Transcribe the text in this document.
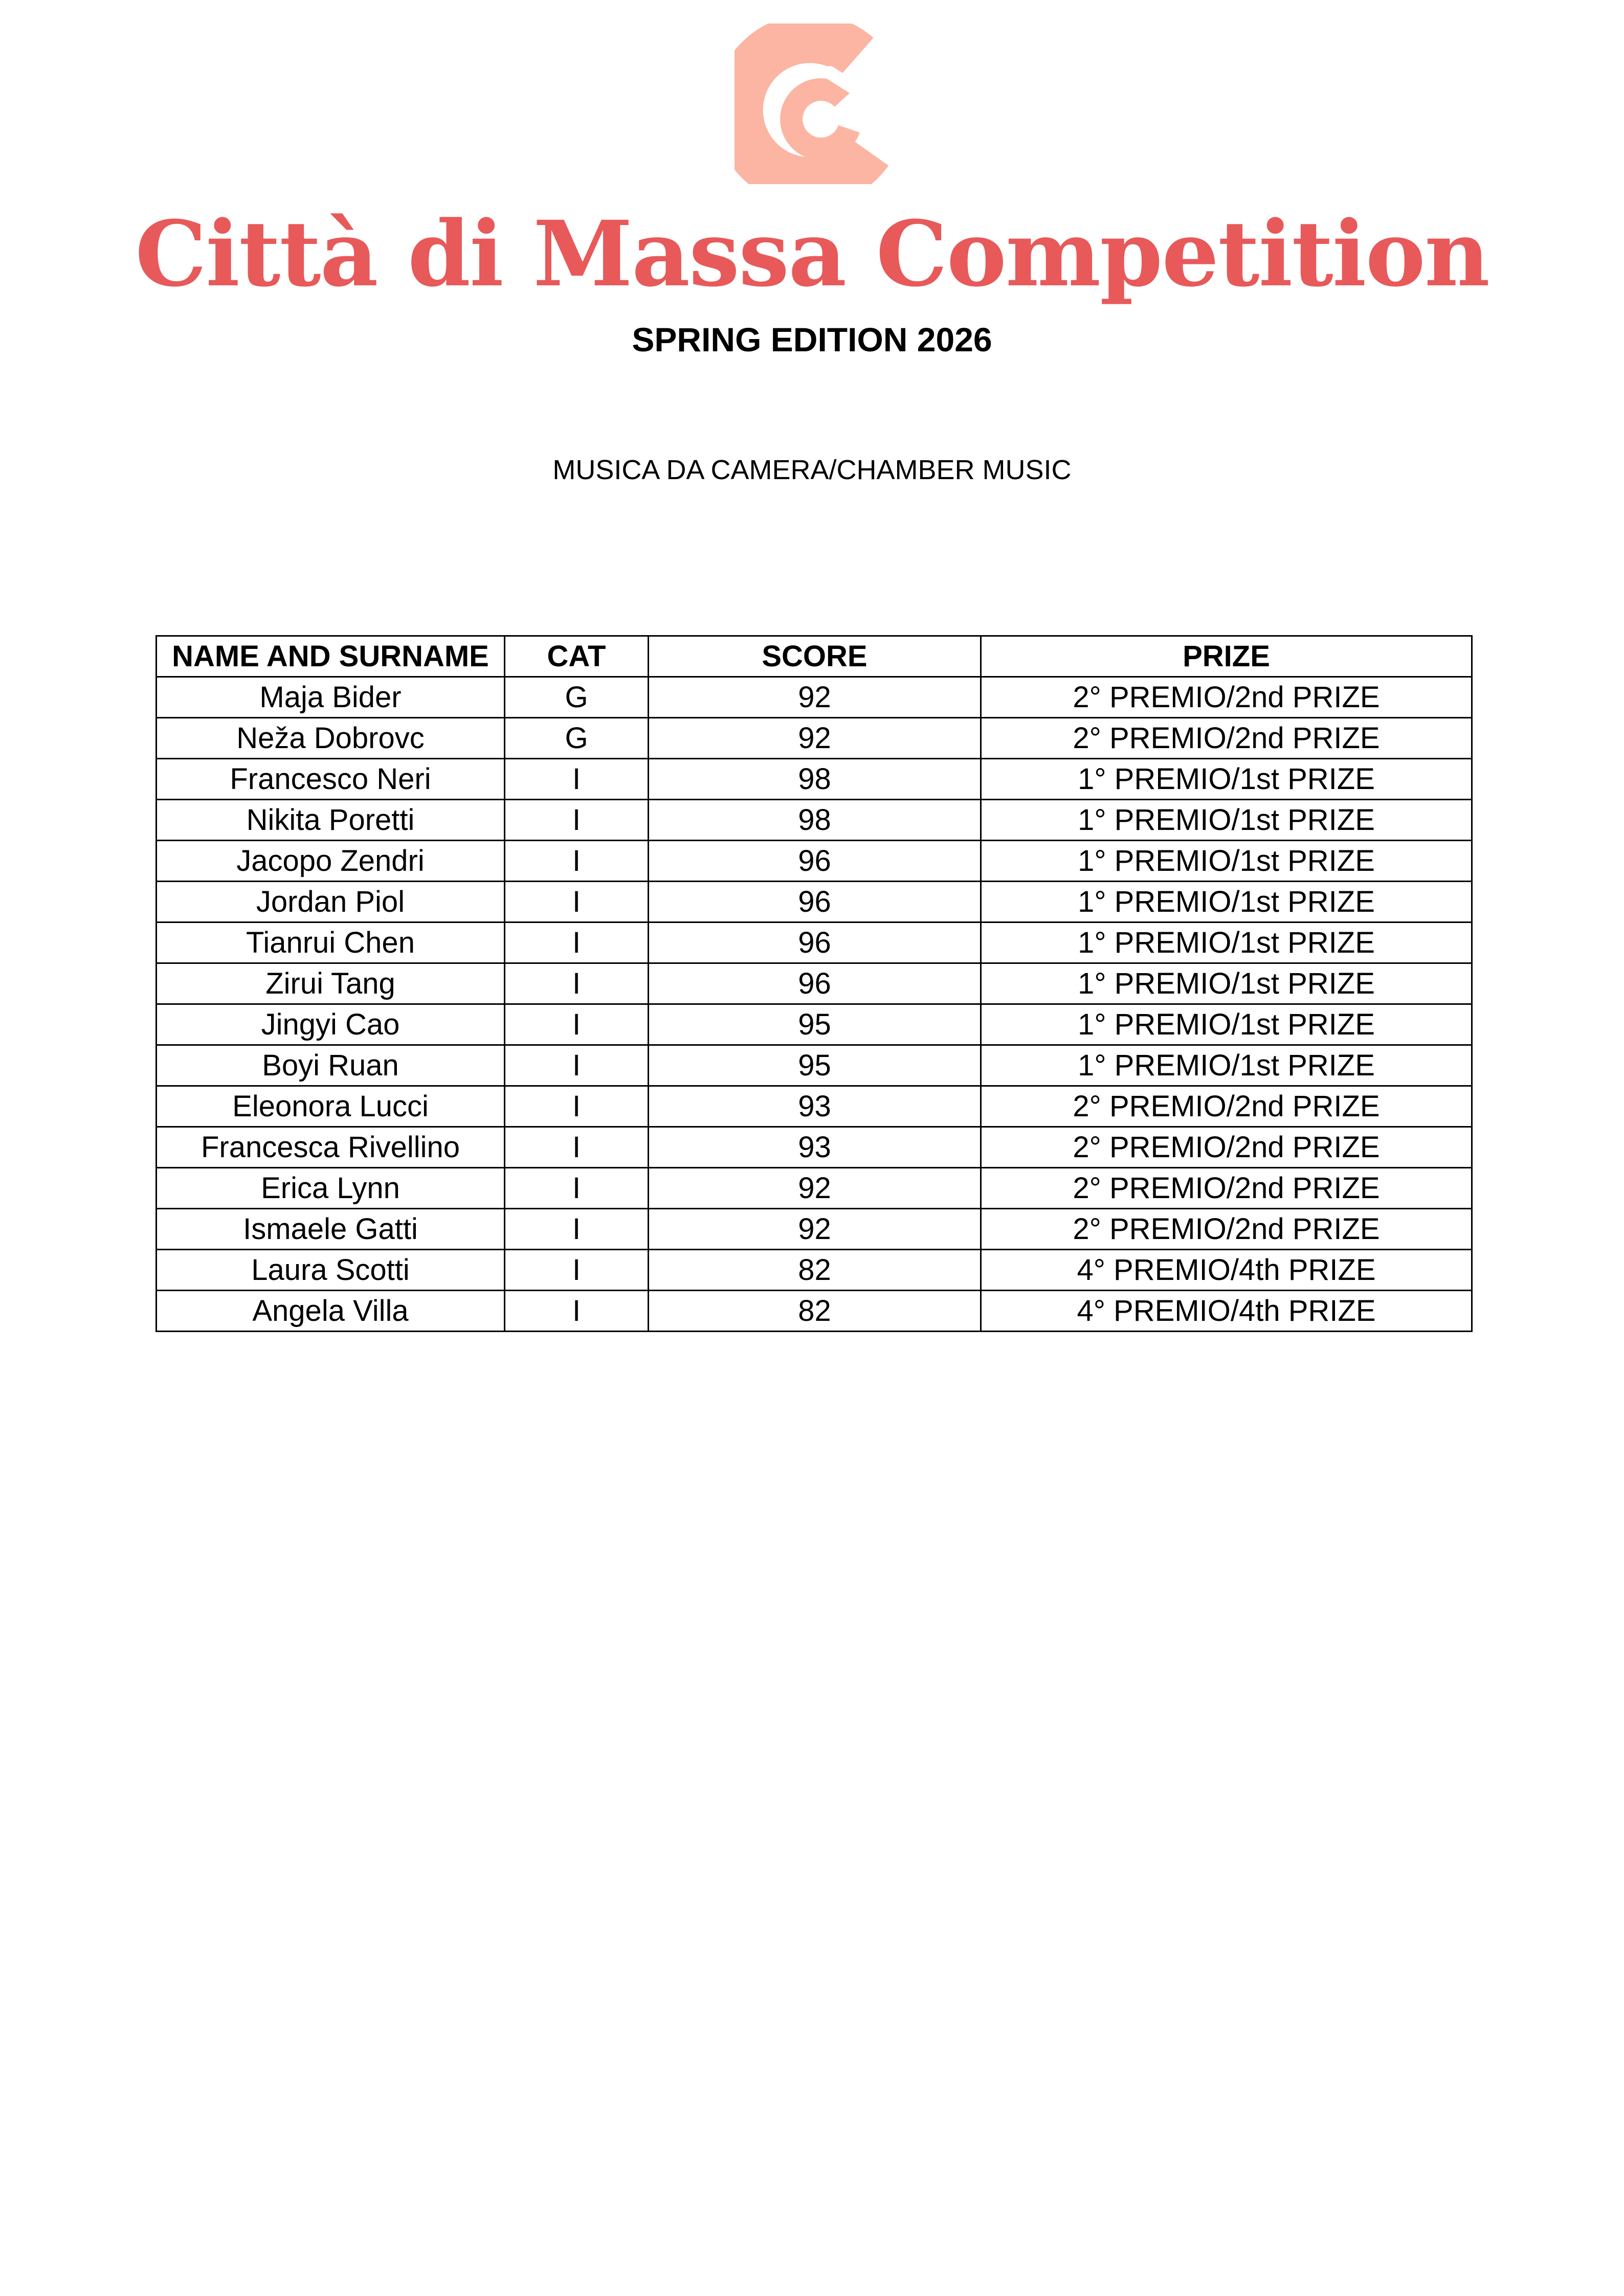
Città di Massa Competition
SPRING EDITION 2026
MUSICA DA CAMERA/CHAMBER MUSIC
NAME AND SURNAME	CAT	SCORE	PRIZE
Maja Bider	G	92	2° PREMIO/2nd PRIZE
Neža Dobrovc	G	92	2° PREMIO/2nd PRIZE
Francesco Neri	I	98	1° PREMIO/1st PRIZE
Nikita Poretti	I	98	1° PREMIO/1st PRIZE
Jacopo Zendri	I	96	1° PREMIO/1st PRIZE
Jordan Piol	I	96	1° PREMIO/1st PRIZE
Tianrui Chen	I	96	1° PREMIO/1st PRIZE
Zirui Tang	I	96	1° PREMIO/1st PRIZE
Jingyi Cao	I	95	1° PREMIO/1st PRIZE
Boyi Ruan	I	95	1° PREMIO/1st PRIZE
Eleonora Lucci	I	93	2° PREMIO/2nd PRIZE
Francesca Rivellino	I	93	2° PREMIO/2nd PRIZE
Erica Lynn	I	92	2° PREMIO/2nd PRIZE
Ismaele Gatti	I	92	2° PREMIO/2nd PRIZE
Laura Scotti	I	82	4° PREMIO/4th PRIZE
Angela Villa	I	82	4° PREMIO/4th PRIZE
